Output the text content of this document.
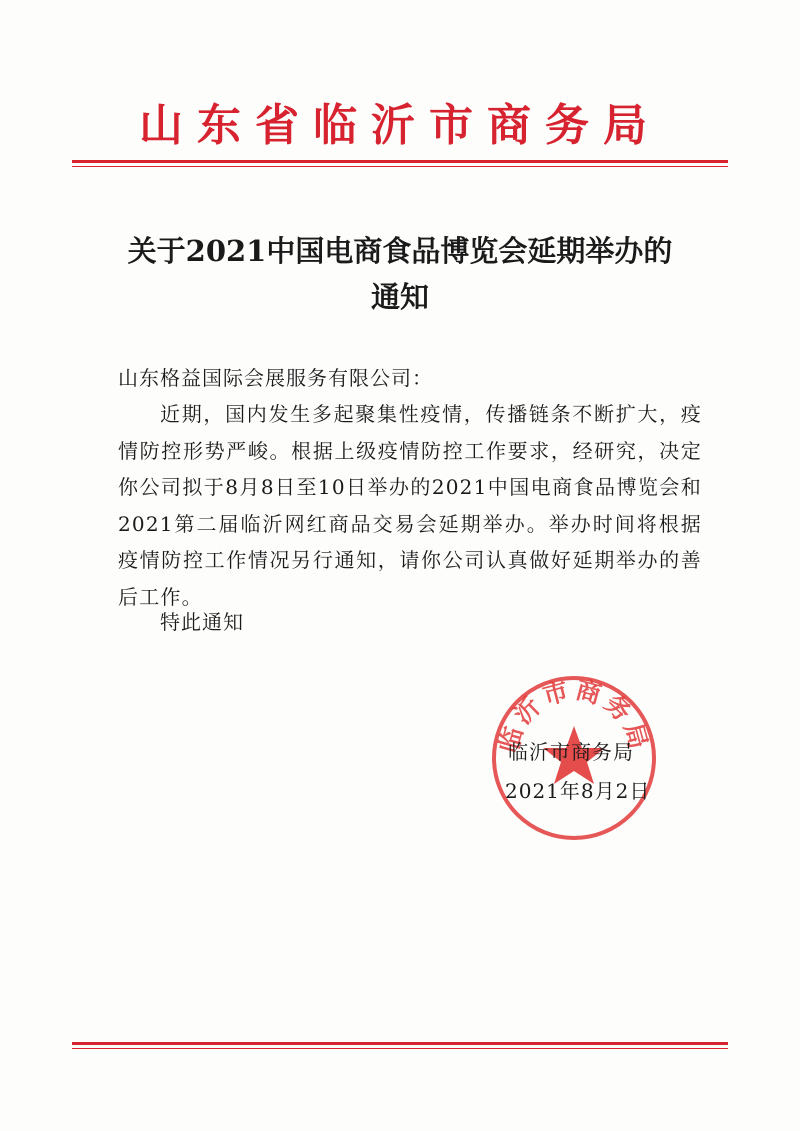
山东省临沂市商务局
关于2021中国电商食品博览会延期举办的
通知
山东格益国际会展服务有限公司：

近期，国内发生多起聚集性疫情，传播链条不断扩大，疫情防控形势严峻。根据上级疫情防控工作要求，经研究，决定你公司拟于8月8日至10日举办的2021中国电商食品博览会和2021第二届临沂网红商品交易会延期举办。举办时间将根据疫情防控工作情况另行通知，请你公司认真做好延期举办的善后工作。

特此通知
临沂市商务局
临沂市商务局
2021年8月2日
